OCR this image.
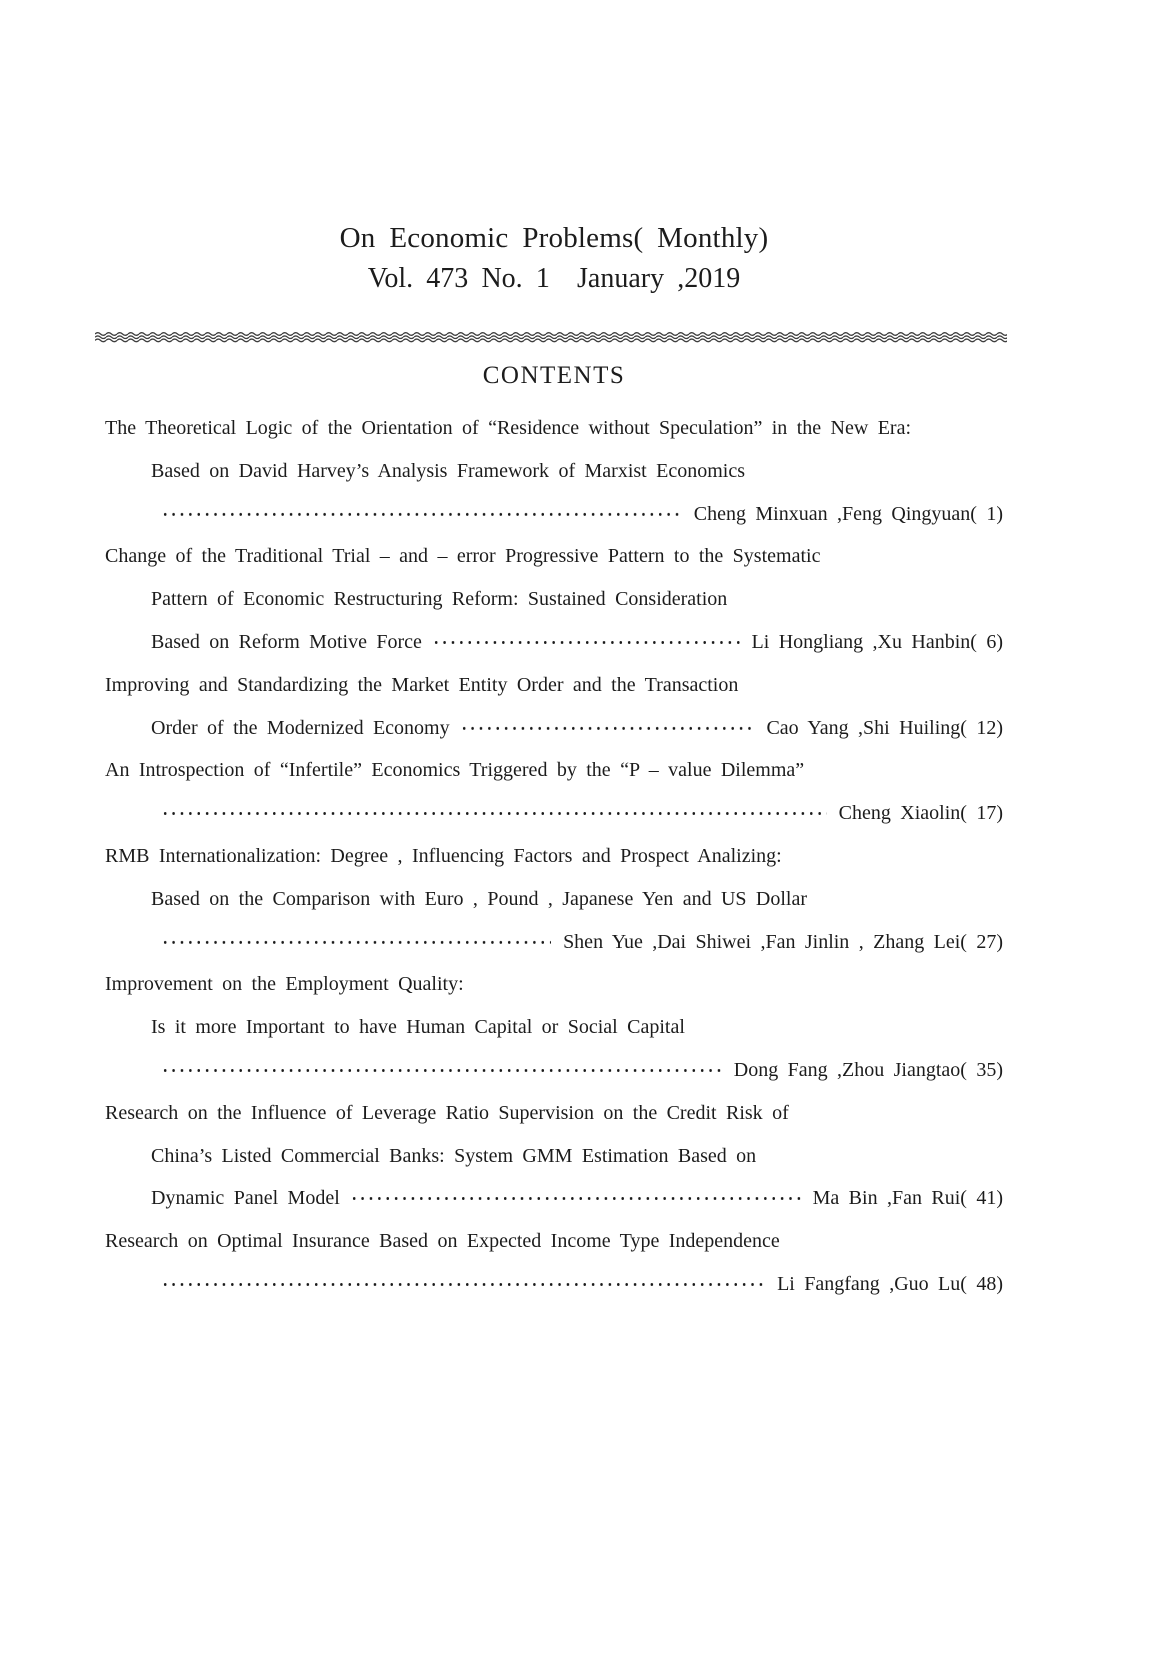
On Economic Problems( Monthly)
Vol. 473 No. 1  January ,2019
CONTENTS
The Theoretical Logic of the Orientation of “Residence without Speculation” in the New Era:
Based on David Harvey’s Analysis Framework of Marxist Economics
Cheng Minxuan ,Feng Qingyuan( 1)
Change of the Traditional Trial – and – error Progressive Pattern to the Systematic
Pattern of Economic Restructuring Reform: Sustained Consideration
Based on Reform Motive Force	Li Hongliang ,Xu Hanbin( 6)
Improving and Standardizing the Market Entity Order and the Transaction
Order of the Modernized Economy	Cao Yang ,Shi Huiling( 12)
An Introspection of “Infertile” Economics Triggered by the “P – value Dilemma”
Cheng Xiaolin( 17)
RMB Internationalization: Degree , Influencing Factors and Prospect Analizing:
Based on the Comparison with Euro , Pound , Japanese Yen and US Dollar
Shen Yue ,Dai Shiwei ,Fan Jinlin , Zhang Lei( 27)
Improvement on the Employment Quality:
Is it more Important to have Human Capital or Social Capital
Dong Fang ,Zhou Jiangtao( 35)
Research on the Influence of Leverage Ratio Supervision on the Credit Risk of
China’s Listed Commercial Banks: System GMM Estimation Based on
Dynamic Panel Model	Ma Bin ,Fan Rui( 41)
Research on Optimal Insurance Based on Expected Income Type Independence
Li Fangfang ,Guo Lu( 48)
